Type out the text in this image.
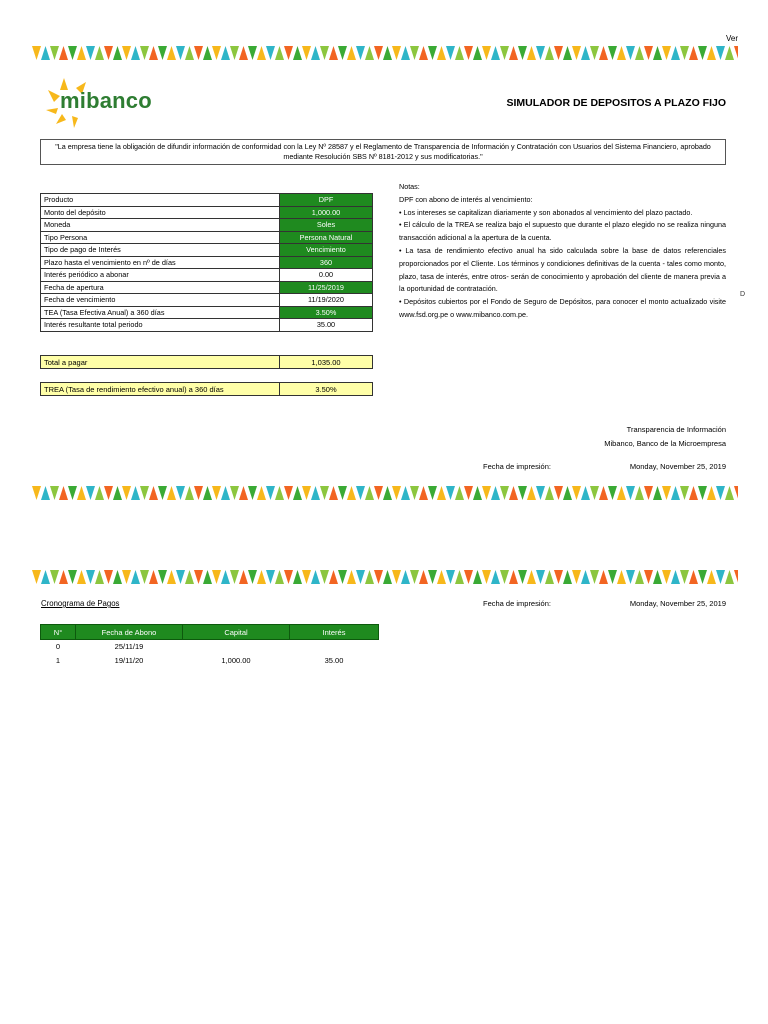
Ver
mibanco	SIMULADOR DE DEPOSITOS A PLAZO FIJO
"La empresa tiene la obligación de difundir información de conformidad con la Ley Nº 28587 y el Reglamento de Transparencia de Información y Contratación con Usuarios del Sistema Financiero, aprobado mediante Resolución SBS Nº 8181-2012 y sus modificatorias."
Producto	DPF
Monto del depósito	1,000.00
Moneda	Soles
Tipo Persona	Persona Natural
Tipo de pago de Interés	Vencimiento
Plazo hasta el vencimiento en nº de días	360
Interés periódico a abonar	0.00
Fecha de apertura	11/25/2019
Fecha de vencimiento	11/19/2020
TEA (Tasa Efectiva Anual) a 360 días	3.50%
Interés resultante total periodo	35.00
Total a pagar	1,035.00
TREA (Tasa de rendimiento efectivo anual) a 360 días	3.50%

Notas:

DPF con abono de interés al vencimiento:

• Los intereses se capitalizan diariamente y son abonados al vencimiento del plazo pactado.

• El cálculo de la TREA se realiza bajo el supuesto que durante el plazo elegido no se realiza ninguna transacción adicional a la apertura de la cuenta.

• La tasa de rendimiento efectivo anual ha sido calculada sobre la base de datos referenciales proporcionados por el Cliente. Los términos y condiciones definitivas de la cuenta - tales como monto, plazo, tasa de interés, entre otros- serán de conocimiento y aprobación del cliente de manera previa a la oportunidad de contratación.

• Depósitos cubiertos por el Fondo de Seguro de Depósitos, para conocer el monto actualizado visite www.fsd.org.pe o www.mibanco.com.pe.

Transparencia de Información
Mibanco, Banco de la Microempresa
Fecha de impresión:	Monday, November 25, 2019
Cronograma de Pagos	Fecha de impresión:	Monday, November 25, 2019
N°	Fecha de Abono	Capital	Interés
0	25/11/19		
1	19/11/20	1,000.00	35.00
D
